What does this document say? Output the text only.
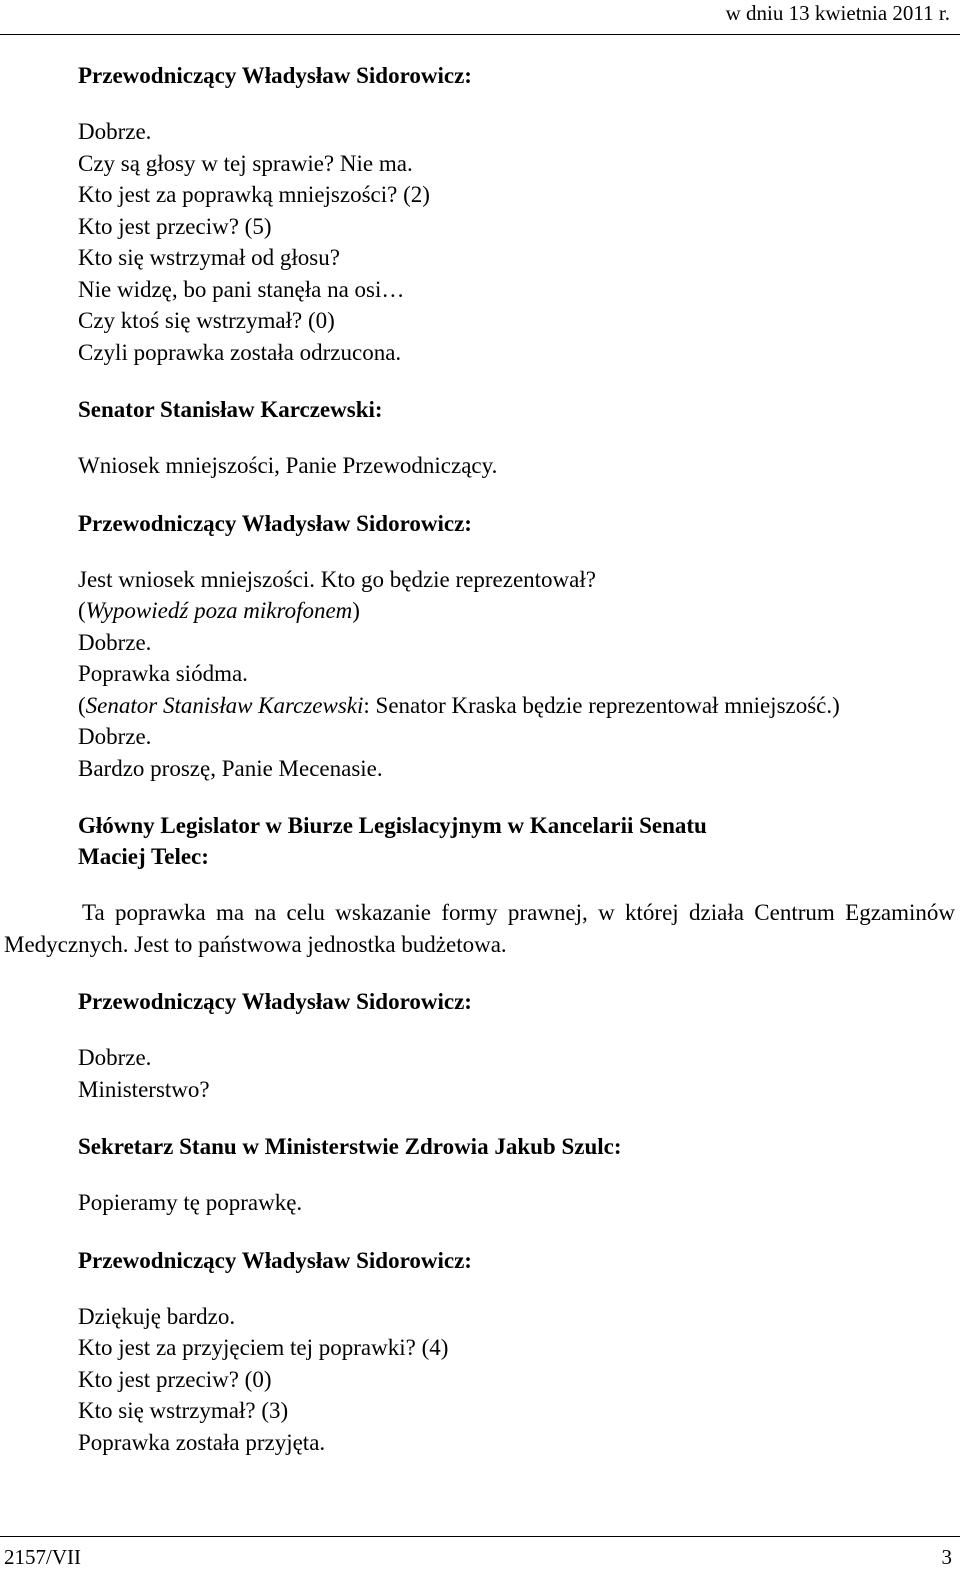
w dniu 13 kwietnia 2011 r.
Przewodniczący Władysław Sidorowicz:

Dobrze.

Czy są głosy w tej sprawie? Nie ma.

Kto jest za poprawką mniejszości? (2)

Kto jest przeciw? (5)

Kto się wstrzymał od głosu?

Nie widzę, bo pani stanęła na osi…

Czy ktoś się wstrzymał? (0)

Czyli poprawka została odrzucona.

Senator Stanisław Karczewski:

Wniosek mniejszości, Panie Przewodniczący.

Przewodniczący Władysław Sidorowicz:

Jest wniosek mniejszości. Kto go będzie reprezentował?

(Wypowiedź poza mikrofonem)

Dobrze.

Poprawka siódma.

(Senator Stanisław Karczewski: Senator Kraska będzie reprezentował mniejszość.)

Dobrze.

Bardzo proszę, Panie Mecenasie.

Główny Legislator w Biurze Legislacyjnym w Kancelarii Senatu
Maciej Telec:

Ta poprawka ma na celu wskazanie formy prawnej, w której działa Centrum Egzaminów Medycznych. Jest to państwowa jednostka budżetowa.

Przewodniczący Władysław Sidorowicz:

Dobrze.

Ministerstwo?

Sekretarz Stanu w Ministerstwie Zdrowia Jakub Szulc:

Popieramy tę poprawkę.

Przewodniczący Władysław Sidorowicz:

Dziękuję bardzo.

Kto jest za przyjęciem tej poprawki? (4)

Kto jest przeciw? (0)

Kto się wstrzymał? (3)

Poprawka została przyjęta.

2157/VII	3
